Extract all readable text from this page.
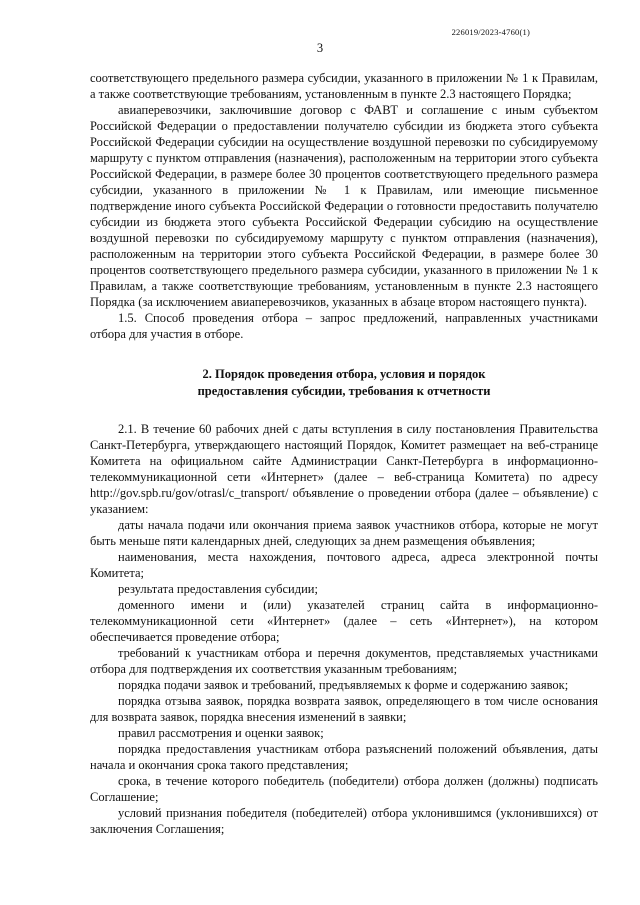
226019/2023-4760(1)
3

соответствующего предельного размера субсидии, указанного в приложении № 1 к Правилам, а также соответствующие требованиям, установленным в пункте 2.3 настоящего Порядка;

авиаперевозчики, заключившие договор с ФАВТ и соглашение с иным субъектом Российской Федерации о предоставлении получателю субсидии из бюджета этого субъекта Российской Федерации субсидии на осуществление воздушной перевозки по субсидируемому маршруту с пунктом отправления (назначения), расположенным на территории этого субъекта Российской Федерации, в размере более 30 процентов соответствующего предельного размера субсидии, указанного в приложении № 1 к Правилам, или имеющие письменное подтверждение иного субъекта Российской Федерации о готовности предоставить получателю субсидии из бюджета этого субъекта Российской Федерации субсидию на осуществление воздушной перевозки по субсидируемому маршруту с пунктом отправления (назначения), расположенным на территории этого субъекта Российской Федерации, в размере более 30 процентов соответствующего предельного размера субсидии, указанного в приложении № 1 к Правилам, а также соответствующие требованиям, установленным в пункте 2.3 настоящего Порядка (за исключением авиаперевозчиков, указанных в абзаце втором настоящего пункта).

1.5. Способ проведения отбора – запрос предложений, направленных участниками отбора для участия в отборе.

2. Порядок проведения отбора, условия и порядок
предоставления субсидии, требования к отчетности

2.1. В течение 60 рабочих дней с даты вступления в силу постановления Правительства Санкт-Петербурга, утверждающего настоящий Порядок, Комитет размещает на веб-странице Комитета на официальном сайте Администрации Санкт-Петербурга в информационно-телекоммуникационной сети «Интернет» (далее – веб-страница Комитета) по адресу http://gov.spb.ru/gov/otrasl/c_transport/ объявление о проведении отбора (далее – объявление) с указанием:

даты начала подачи или окончания приема заявок участников отбора, которые не могут быть меньше пяти календарных дней, следующих за днем размещения объявления;

наименования, места нахождения, почтового адреса, адреса электронной почты Комитета;

результата предоставления субсидии;

доменного имени и (или) указателей страниц сайта в информационно-телекоммуникационной сети «Интернет» (далее – сеть «Интернет»), на котором обеспечивается проведение отбора;

требований к участникам отбора и перечня документов, представляемых участниками отбора для подтверждения их соответствия указанным требованиям;

порядка подачи заявок и требований, предъявляемых к форме и содержанию заявок;

порядка отзыва заявок, порядка возврата заявок, определяющего в том числе основания для возврата заявок, порядка внесения изменений в заявки;

правил рассмотрения и оценки заявок;

порядка предоставления участникам отбора разъяснений положений объявления, даты начала и окончания срока такого представления;

срока, в течение которого победитель (победители) отбора должен (должны) подписать Соглашение;

условий признания победителя (победителей) отбора уклонившимся (уклонившихся) от заключения Соглашения;
